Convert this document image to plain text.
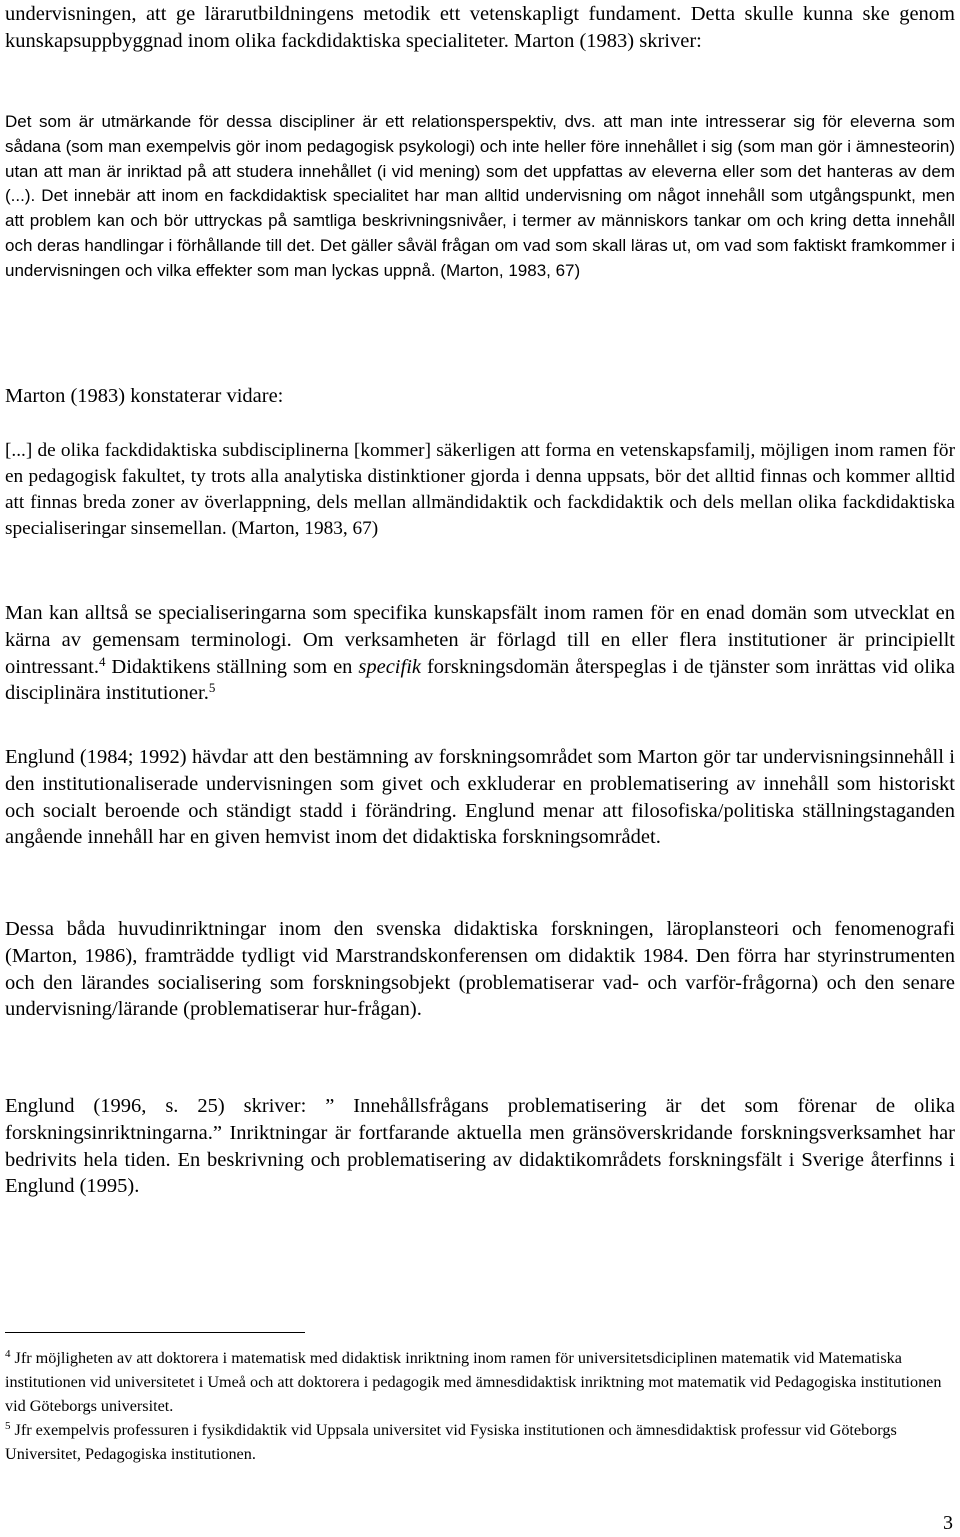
undervisningen, att ge lärarutbildningens metodik ett vetenskapligt fundament. Detta skulle kunna ske genom kunskapsuppbyggnad inom olika fackdidaktiska specialiteter. Marton (1983) skriver:

Det som är utmärkande för dessa discipliner är ett relationsperspektiv, dvs. att man inte intresserar sig för eleverna som sådana (som man exempelvis gör inom pedagogisk psykologi) och inte heller före innehållet i sig (som man gör i ämnesteorin) utan att man är inriktad på att studera innehållet (i vid mening) som det uppfattas av eleverna eller som det hanteras av dem (...). Det innebär att inom en fackdidaktisk specialitet har man alltid undervisning om något innehåll som utgångspunkt, men att problem kan och bör uttryckas på samtliga beskrivningsnivåer, i termer av människors tankar om och kring detta innehåll och deras handlingar i förhållande till det. Det gäller såväl frågan om vad som skall läras ut, om vad som faktiskt framkommer i undervisningen och vilka effekter som man lyckas uppnå. (Marton, 1983, 67)

Marton (1983) konstaterar vidare:

[...] de olika fackdidaktiska subdisciplinerna [kommer] säkerligen att forma en vetenskapsfamilj, möjligen inom ramen för en pedagogisk fakultet, ty trots alla analytiska distinktioner gjorda i denna uppsats, bör det alltid finnas och kommer alltid att finnas breda zoner av överlappning, dels mellan allmändidaktik och fackdidaktik och dels mellan olika fackdidaktiska specialiseringar sinsemellan. (Marton, 1983, 67)

Man kan alltså se specialiseringarna som specifika kunskapsfält inom ramen för en enad domän som utvecklat en kärna av gemensam terminologi. Om verksamheten är förlagd till en eller flera institutioner är principiellt ointressant.$^4$ Didaktikens ställning som en specifik forskningsdomän återspeglas i de tjänster som inrättas vid olika disciplinära institutioner.$^5$

Englund (1984; 1992) hävdar att den bestämning av forskningsområdet som Marton gör tar undervisningsinnehåll i den institutionaliserade undervisningen som givet och exkluderar en problematisering av innehåll som historiskt och socialt beroende och ständigt stadd i förändring. Englund menar att filosofiska/politiska ställningstaganden angående innehåll har en given hemvist inom det didaktiska forskningsområdet.

Dessa båda huvudinriktningar inom den svenska didaktiska forskningen, läroplansteori och fenomenografi (Marton, 1986), framträdde tydligt vid Marstrandskonferensen om didaktik 1984. Den förra har styrinstrumenten och den lärandes socialisering som forskningsobjekt (problematiserar vad- och varför-frågorna) och den senare undervisning/lärande (problematiserar hur-frågan).

Englund (1996, s. 25) skriver: ” Innehållsfrågans problematisering är det som förenar de olika forskningsinriktningarna.” Inriktningar är fortfarande aktuella men gränsöverskridande forskningsverksamhet har bedrivits hela tiden. En beskrivning och problematisering av didaktikområdets forskningsfält i Sverige återfinns i Englund (1995).

$^4$ Jfr möjligheten av att doktorera i matematisk med didaktisk inriktning inom ramen för universitetsdiciplinen matematik vid Matematiska institutionen vid universitetet i Umeå och att doktorera i pedagogik med ämnesdidaktisk inriktning mot matematik vid Pedagogiska institutionen vid Göteborgs universitet.

$^5$ Jfr exempelvis professuren i fysikdidaktik vid Uppsala universitet vid Fysiska institutionen och ämnesdidaktisk professur vid Göteborgs Universitet, Pedagogiska institutionen.

3
